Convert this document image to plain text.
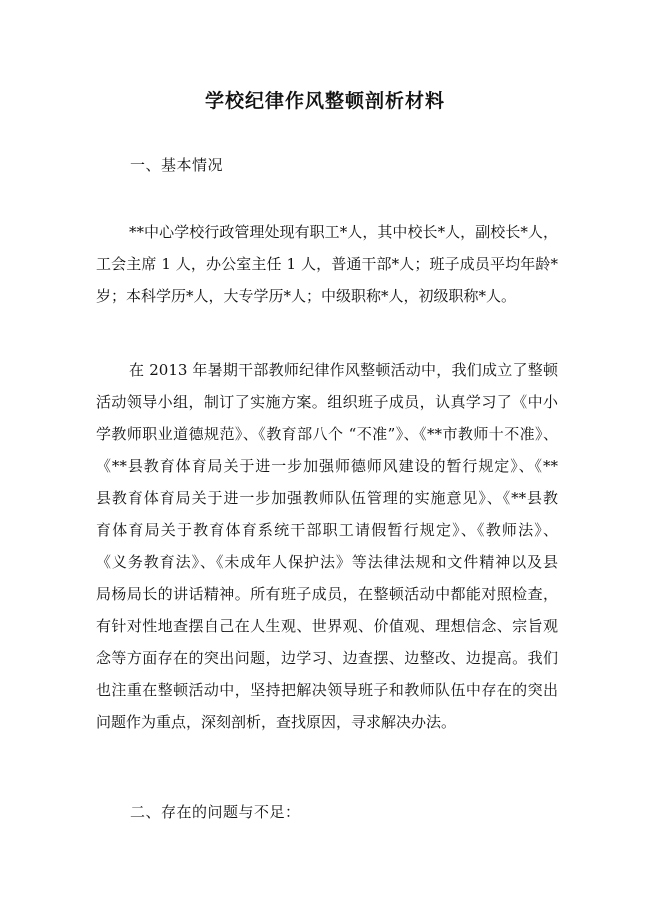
学校纪律作风整顿剖析材料
一、基本情况
**中心学校行政管理处现有职工*人，其中校长*人，副校长*人，
工会主席 1 人，办公室主任 1 人，普通干部*人；班子成员平均年龄*
岁；本科学历*人，大专学历*人；中级职称*人，初级职称*人。
在 2013 年暑期干部教师纪律作风整顿活动中，我们成立了整顿
活动领导小组，制订了实施方案。组织班子成员，认真学习了《中小
学教师职业道德规范》、《教育部八个 “不准”》、《**市教师十不准》、
《**县教育体育局关于进一步加强师德师风建设的暂行规定》、《**
县教育体育局关于进一步加强教师队伍管理的实施意见》、《**县教
育体育局关于教育体育系统干部职工请假暂行规定》、《教师法》、
《义务教育法》、《未成年人保护法》等法律法规和文件精神以及县
局杨局长的讲话精神。所有班子成员，在整顿活动中都能对照检查，
有针对性地查摆自己在人生观、世界观、价值观、理想信念、宗旨观
念等方面存在的突出问题，边学习、边查摆、边整改、边提高。我们
也注重在整顿活动中，坚持把解决领导班子和教师队伍中存在的突出
问题作为重点，深刻剖析，查找原因，寻求解决办法。
二、存在的问题与不足：
